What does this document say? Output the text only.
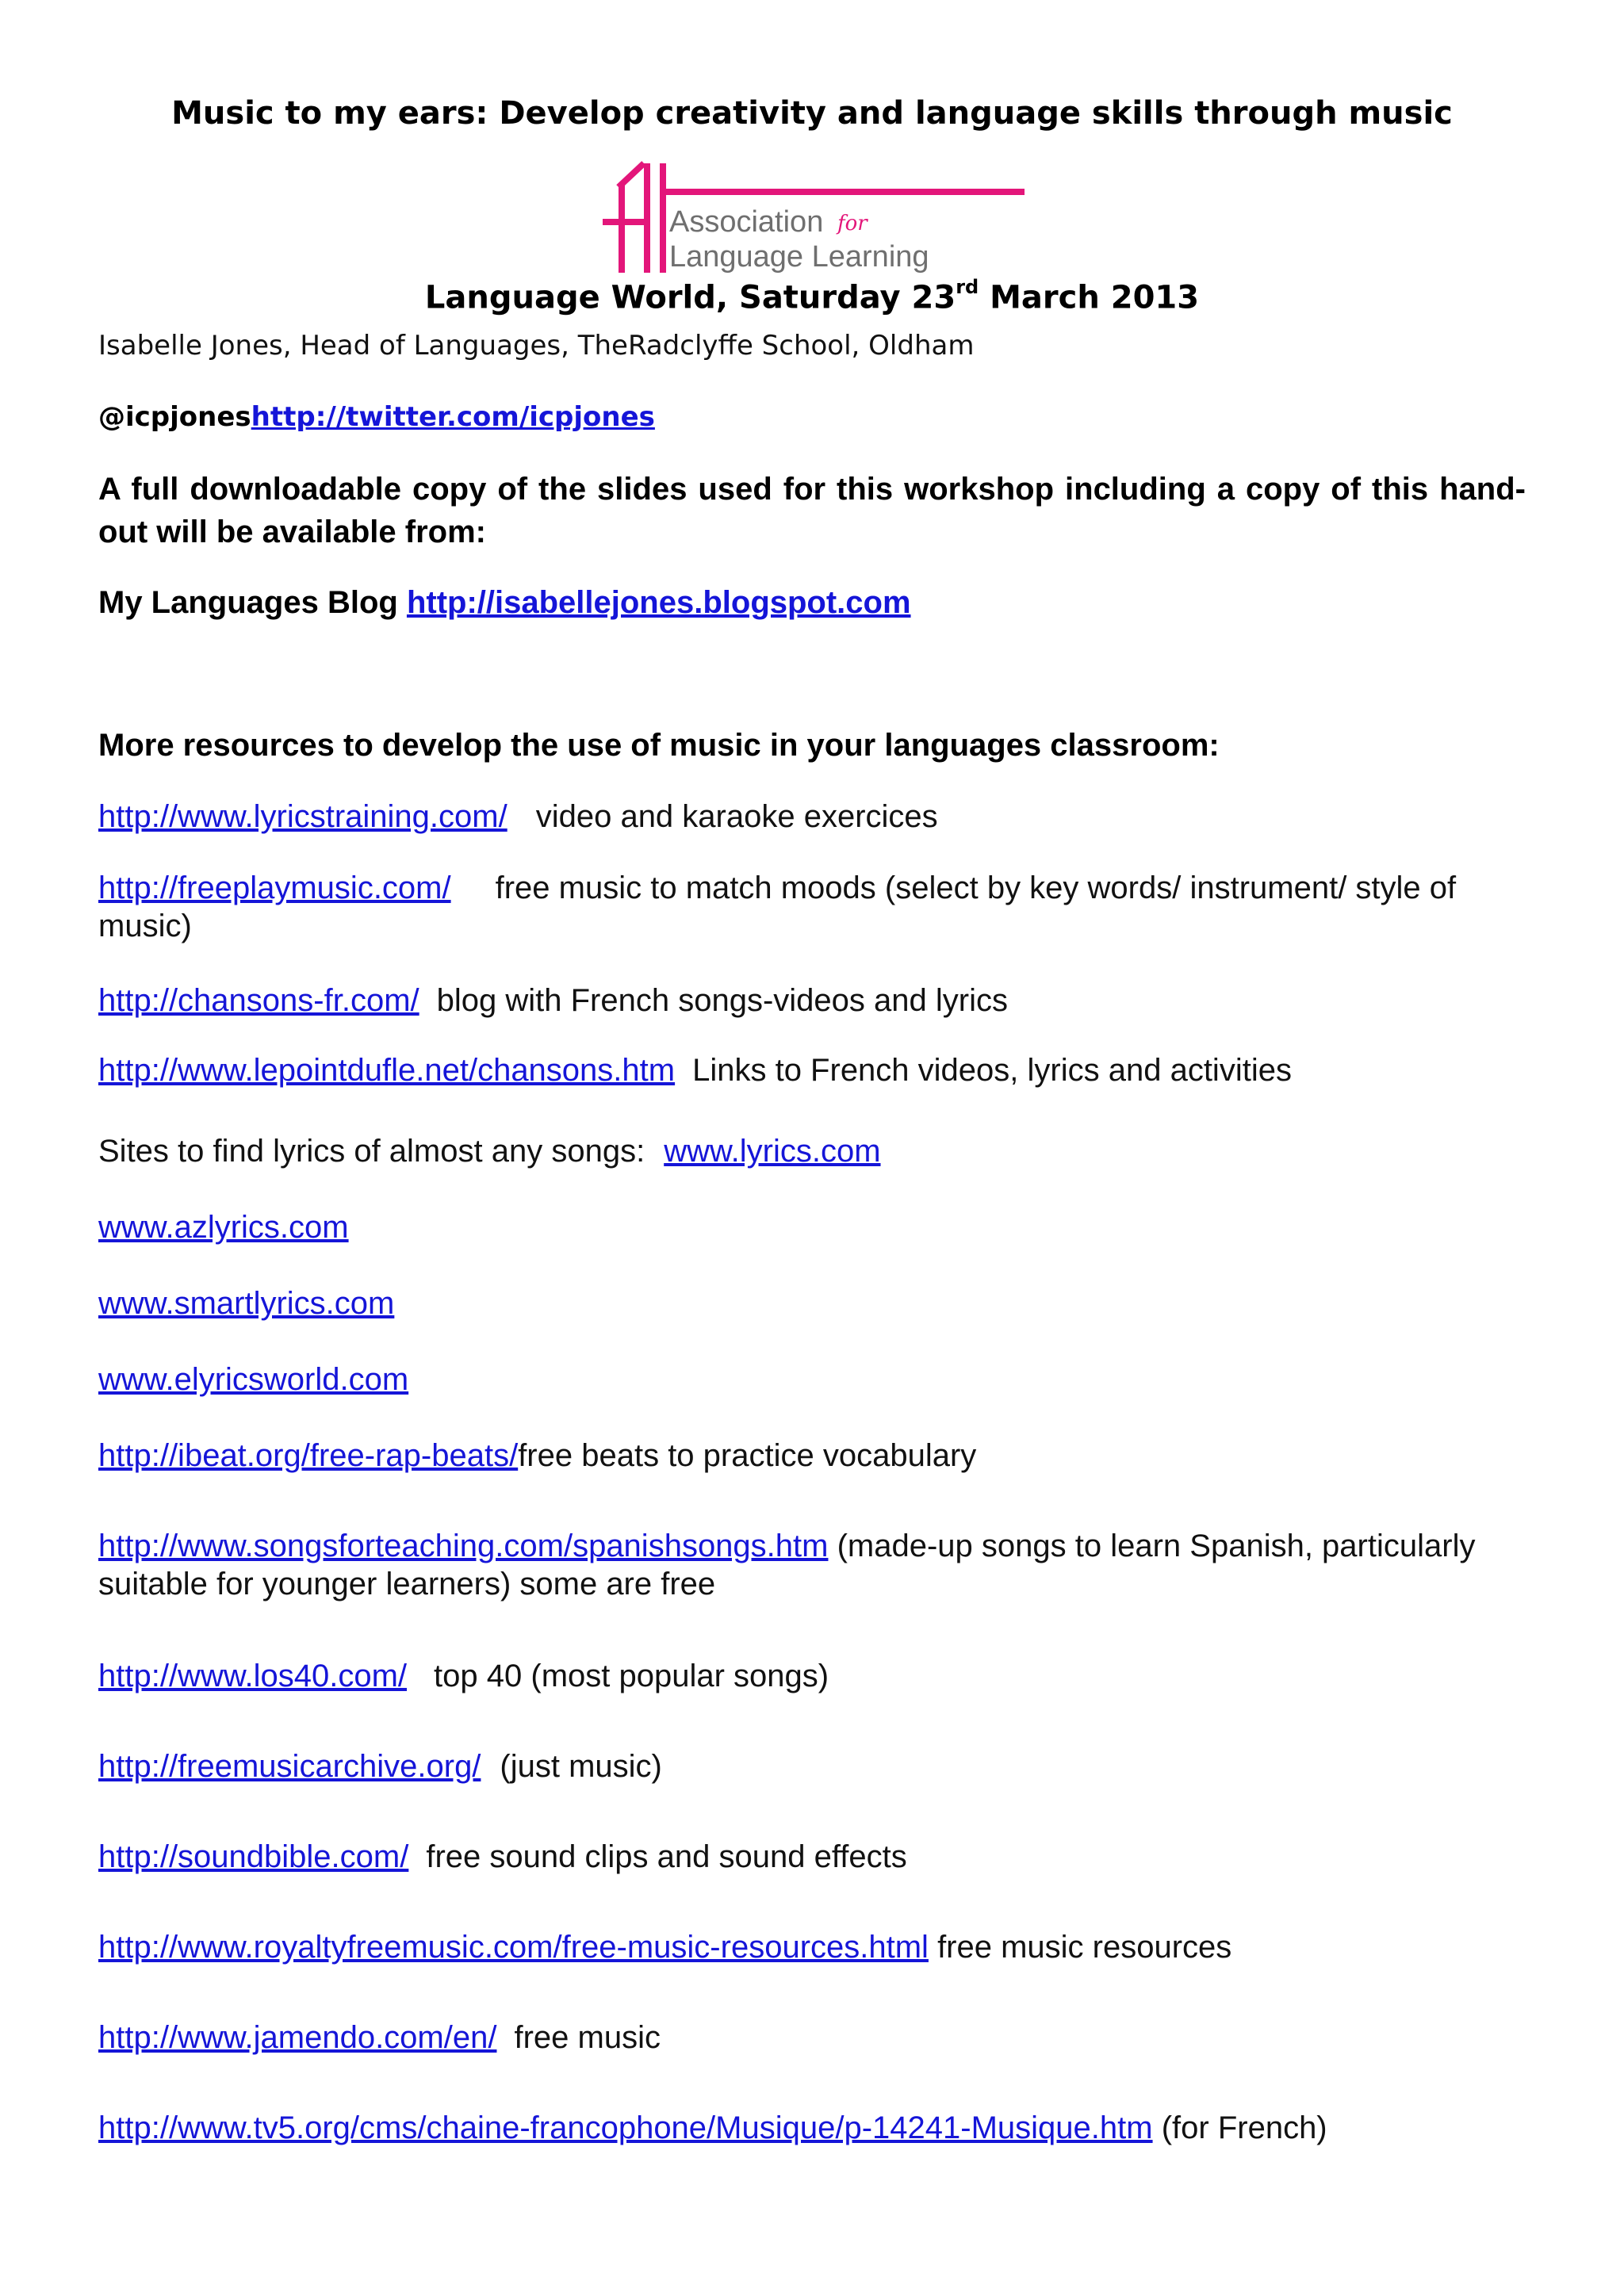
Music to my ears: Develop creativity and language skills through music
Association for
Language Learning
Language World, Saturday 23rd March 2013
Isabelle Jones, Head of Languages, TheRadclyffe School, Oldham
@icpjoneshttp://twitter.com/icpjones
A full downloadable copy of the slides used for this workshop including a copy of this hand-out will be available from:
My Languages Blog http://isabellejones.blogspot.com
More resources to develop the use of music in your languages classroom:
http://www.lyricstraining.com/ video and karaoke exercices
http://freeplaymusic.com/ free music to match moods (select by key words/ instrument/ style of music)
http://chansons-fr.com/ blog with French songs-videos and lyrics
http://www.lepointdufle.net/chansons.htm Links to French videos, lyrics and activities
Sites to find lyrics of almost any songs: www.lyrics.com
www.azlyrics.com
www.smartlyrics.com
www.elyricsworld.com
http://ibeat.org/free-rap-beats/free beats to practice vocabulary
http://www.songsforteaching.com/spanishsongs.htm (made-up songs to learn Spanish, particularly suitable for younger learners) some are free
http://www.los40.com/ top 40 (most popular songs)
http://freemusicarchive.org/ (just music)
http://soundbible.com/ free sound clips and sound effects
http://www.royaltyfreemusic.com/free-music-resources.html free music resources
http://www.jamendo.com/en/ free music
http://www.tv5.org/cms/chaine-francophone/Musique/p-14241-Musique.htm (for French)
